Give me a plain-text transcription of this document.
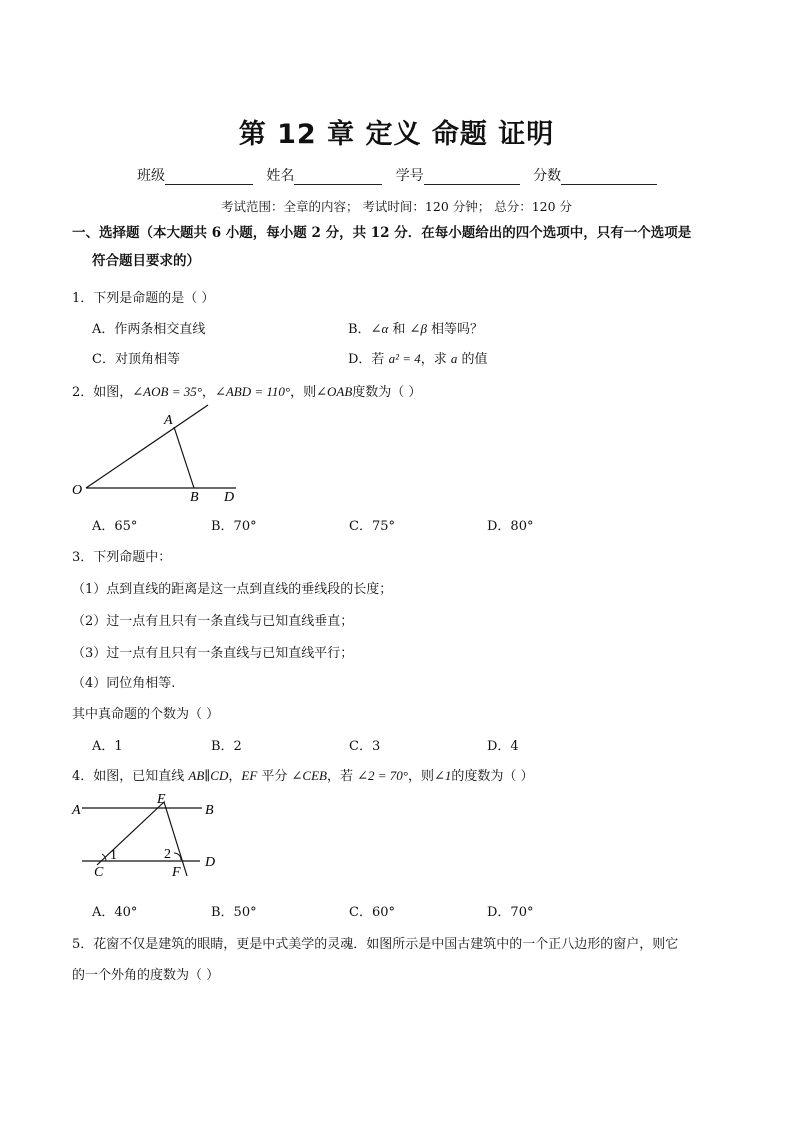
第 12 章 定义 命题 证明
班级	姓名	学号	分数
考试范围：全章的内容； 考试时间：120 分钟； 总分：120 分
一、选择题（本大题共 6 小题，每小题 2 分，共 12 分．在每小题给出的四个选项中，只有一个选项是
符合题目要求的）
1．下列是命题的是（ ）
A．作两条相交直线	B．∠α 和 ∠β 相等吗？
C．对顶角相等	D．若 a² = 4，求 a 的值
2．如图，∠AOB = 35°，∠ABD = 110°，则∠OAB度数为（ ）
A
O	B D
A．65°	B．70°	C．75°	D．80°
3．下列命题中：
（1）点到直线的距离是这一点到直线的垂线段的长度；
（2）过一点有且只有一条直线与已知直线垂直；
（3）过一点有且只有一条直线与已知直线平行；
（4）同位角相等.
其中真命题的个数为（ ）
A．1	B．2	C．3	D．4
4．如图，已知直线 AB∥CD，EF 平分 ∠CEB，若 ∠2 = 70°，则∠1的度数为（ ）
A
E
B
C	F
D
1	2
A．40°	B．50°	C．60°	D．70°
5．花窗不仅是建筑的眼睛，更是中式美学的灵魂．如图所示是中国古建筑中的一个正八边形的窗户，则它
的一个外角的度数为（ ）
